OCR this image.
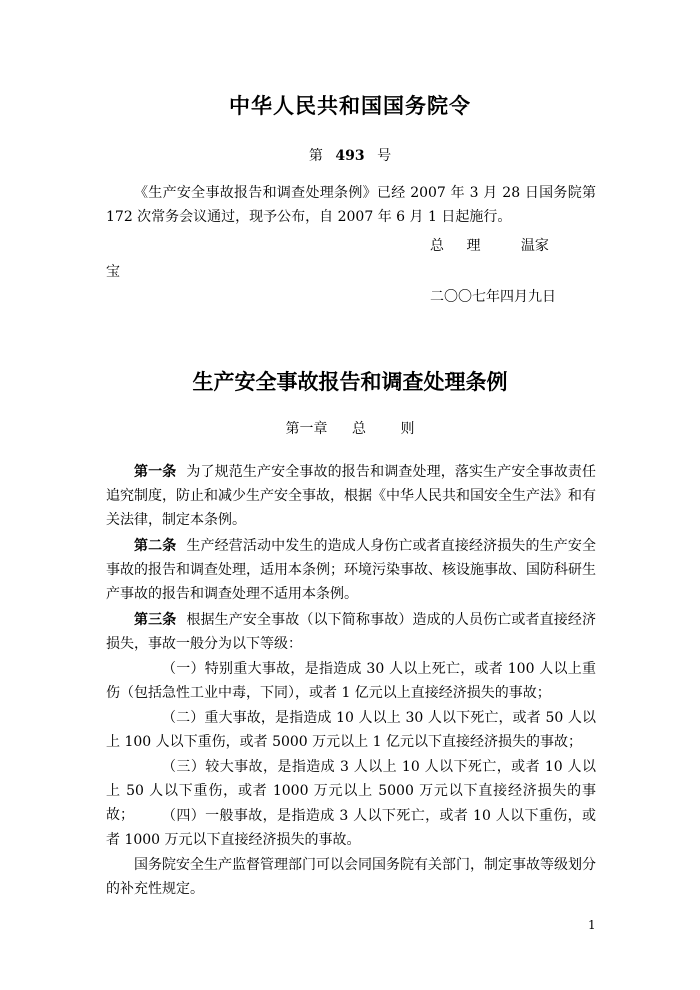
中华人民共和国国务院令
第 493 号
《生产安全事故报告和调查处理条例》已经 2007 年 3 月 28 日国务院第 172 次常务会议通过，现予公布，自 2007 年 6 月 1 日起施行。
总 理	温家
宝
二〇〇七年四月九日
生产安全事故报告和调查处理条例
第一章 总 则
第一条 为了规范生产安全事故的报告和调查处理，落实生产安全事故责任追究制度，防止和减少生产安全事故，根据《中华人民共和国安全生产法》和有关法律，制定本条例。
第二条 生产经营活动中发生的造成人身伤亡或者直接经济损失的生产安全事故的报告和调查处理，适用本条例；环境污染事故、核设施事故、国防科研生产事故的报告和调查处理不适用本条例。
第三条 根据生产安全事故（以下简称事故）造成的人员伤亡或者直接经济损失，事故一般分为以下等级：
（一）特别重大事故，是指造成 30 人以上死亡，或者 100 人以上重伤（包括急性工业中毒，下同），或者 1 亿元以上直接经济损失的事故；
（二）重大事故，是指造成 10 人以上 30 人以下死亡，或者 50 人以上 100 人以下重伤，或者 5000 万元以上 1 亿元以下直接经济损失的事故；
（三）较大事故，是指造成 3 人以上 10 人以下死亡，或者 10 人以上 50 人以下重伤，或者 1000 万元以上 5000 万元以下直接经济损失的事故；	（四）一般事故，是指造成 3 人以下死亡，或者 10 人以下重伤，或者 1000 万元以下直接经济损失的事故。
国务院安全生产监督管理部门可以会同国务院有关部门，制定事故等级划分的补充性规定。
1
